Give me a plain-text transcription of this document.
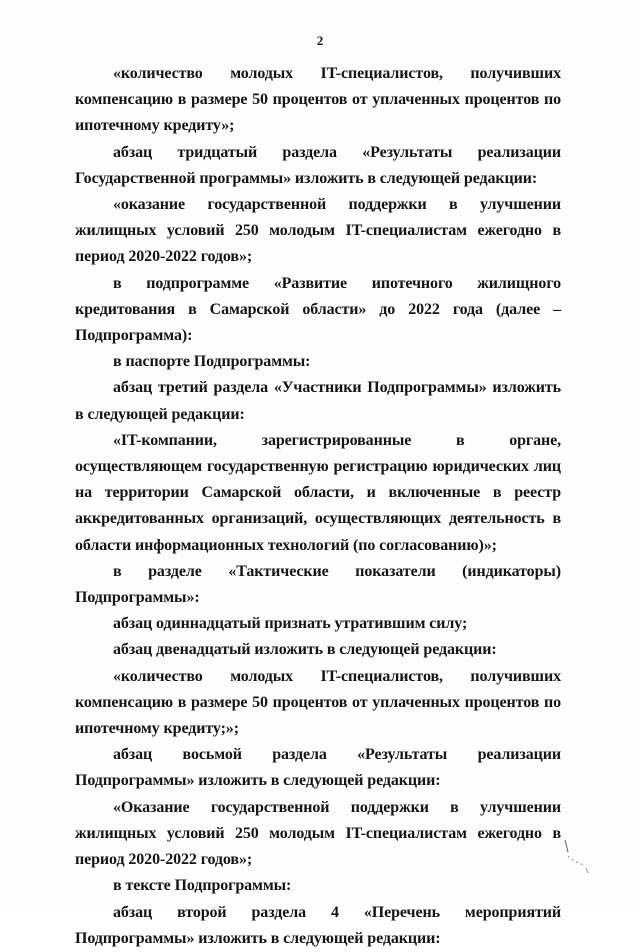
2

«количество молодых IT-специалистов, получивших компенсацию в размере 50 процентов от уплаченных процентов по ипотечному кредиту»;

абзац тридцатый раздела «Результаты реализации Государственной программы» изложить в следующей редакции:

«оказание государственной поддержки в улучшении жилищных условий 250 молодым IT-специалистам ежегодно в период 2020-2022 годов»;

в подпрограмме «Развитие ипотечного жилищного кредитования в Самарской области» до 2022 года (далее – Подпрограмма):

в паспорте Подпрограммы:

абзац третий раздела «Участники Подпрограммы» изложить в следующей редакции:

«IT-компании, зарегистрированные в органе, осуществляющем государственную регистрацию юридических лиц на территории Самарской области, и включенные в реестр аккредитованных организаций, осуществляющих деятельность в области информационных технологий (по согласованию)»;

в разделе «Тактические показатели (индикаторы) Подпрограммы»:

абзац одиннадцатый признать утратившим силу;

абзац двенадцатый изложить в следующей редакции:

«количество молодых IT-специалистов, получивших компенсацию в размере 50 процентов от уплаченных процентов по ипотечному кредиту;»;

абзац восьмой раздела «Результаты реализации Подпрограммы» изложить в следующей редакции:

«Оказание государственной поддержки в улучшении жилищных условий 250 молодым IT-специалистам ежегодно в период 2020-2022 годов»;

в тексте Подпрограммы:

абзац второй раздела 4 «Перечень мероприятий Подпрограммы» изложить в следующей редакции:
